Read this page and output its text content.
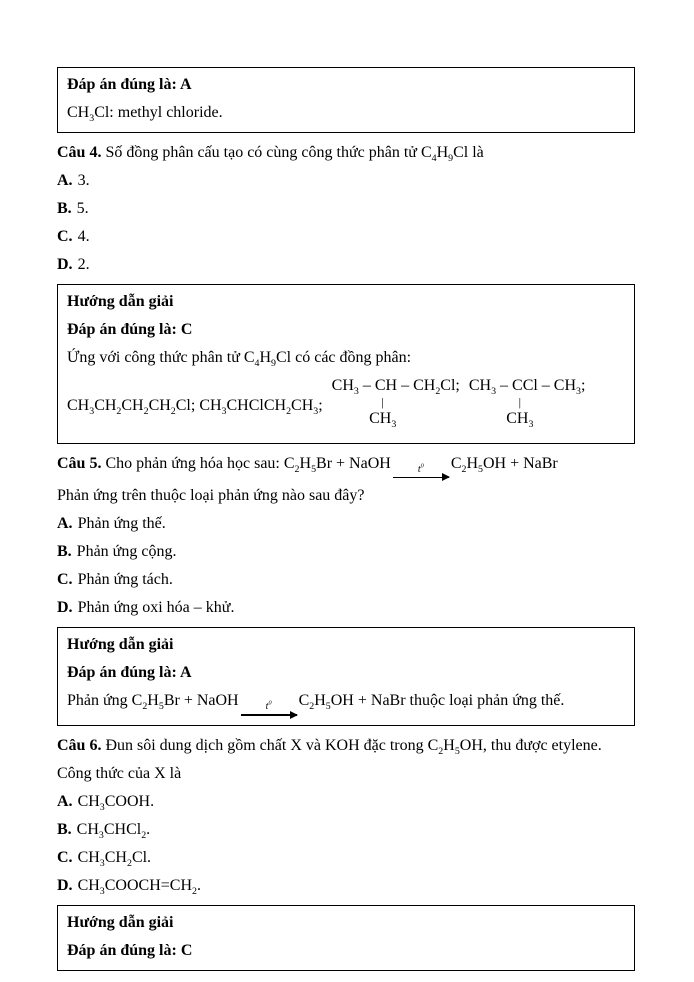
Đáp án đúng là: A

$CH_3Cl$: methyl chloride.

Câu 4. Số đồng phân cấu tạo có cùng công thức phân tử $C_4H_9Cl$ là

A. 3.

B. 5.

C. 4.

D. 2.

Hướng dẫn giải

Đáp án đúng là: C

Ứng với công thức phân tử $C_4H_9Cl$ có các đồng phân:

$CH_3CH_2CH_2CH_2Cl$; $CH_3CHClCH_2CH_3$;
$CH_3$ – CH – $CH_2Cl$;
|
$CH_3$
$CH_3$ – CCl – $CH_3$;
|
$CH_3$

Câu 5. Cho phản ứng hóa học sau: $C_2H_5Br$ + NaOH	$t^0$ $C_2H_5OH$ + NaBr

Phản ứng trên thuộc loại phản ứng nào sau đây?

A. Phản ứng thế.

B. Phản ứng cộng.

C. Phản ứng tách.

D. Phản ứng oxi hóa – khử.

Hướng dẫn giải

Đáp án đúng là: A

Phản ứng $C_2H_5Br$ + NaOH	$t^0$ $C_2H_5OH$ + NaBr thuộc loại phản ứng thế.

Câu 6. Đun sôi dung dịch gồm chất X và KOH đặc trong $C_2H_5OH$, thu được etylene.

Công thức của X là

A. $CH_3COOH$.

B. $CH_3CHCl_2$.

C. $CH_3CH_2Cl$.

D. $CH_3COOCH=CH_2$.

Hướng dẫn giải

Đáp án đúng là: C
